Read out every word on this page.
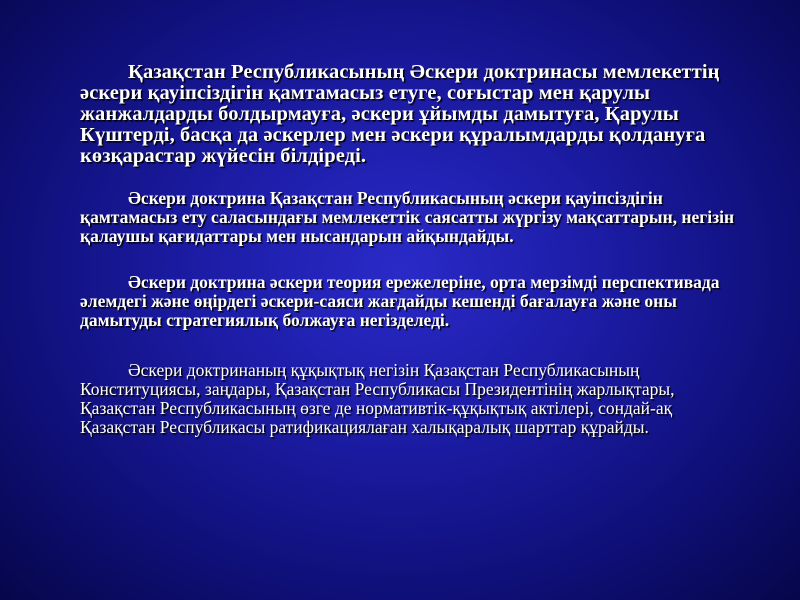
Қазақстан Республикасының Әскери доктринасы мемлекеттің әскери қауіпсіздігін қамтамасыз етуге, соғыстар мен қарулы жанжалдарды болдырмауға, әскери ұйымды дамытуға, Қарулы Күштерді, басқа да әскерлер мен әскери құралымдарды қолдануға көзқарастар жүйесін білдіреді.

Әскери доктрина Қазақстан Республикасының әскери қауіпсіздігін қамтамасыз ету саласындағы мемлекеттік саясатты жүргізу мақсаттарын, негізін қалаушы қағидаттары мен нысандарын айқындайды.

Әскери доктрина әскери теория ережелеріне, орта мерзімді перспективада әлемдегі және өңірдегі әскери-саяси жағдайды кешенді бағалауға және оны дамытуды стратегиялық болжауға негізделеді.

Әскери доктринаның құқықтық негізін Қазақстан Республикасының Конституциясы, заңдары, Қазақстан Республикасы Президентінің жарлықтары, Қазақстан Республикасының өзге де нормативтік-құқықтық актілері, сондай-ақ Қазақстан Республикасы ратификациялаған халықаралық шарттар құрайды.
